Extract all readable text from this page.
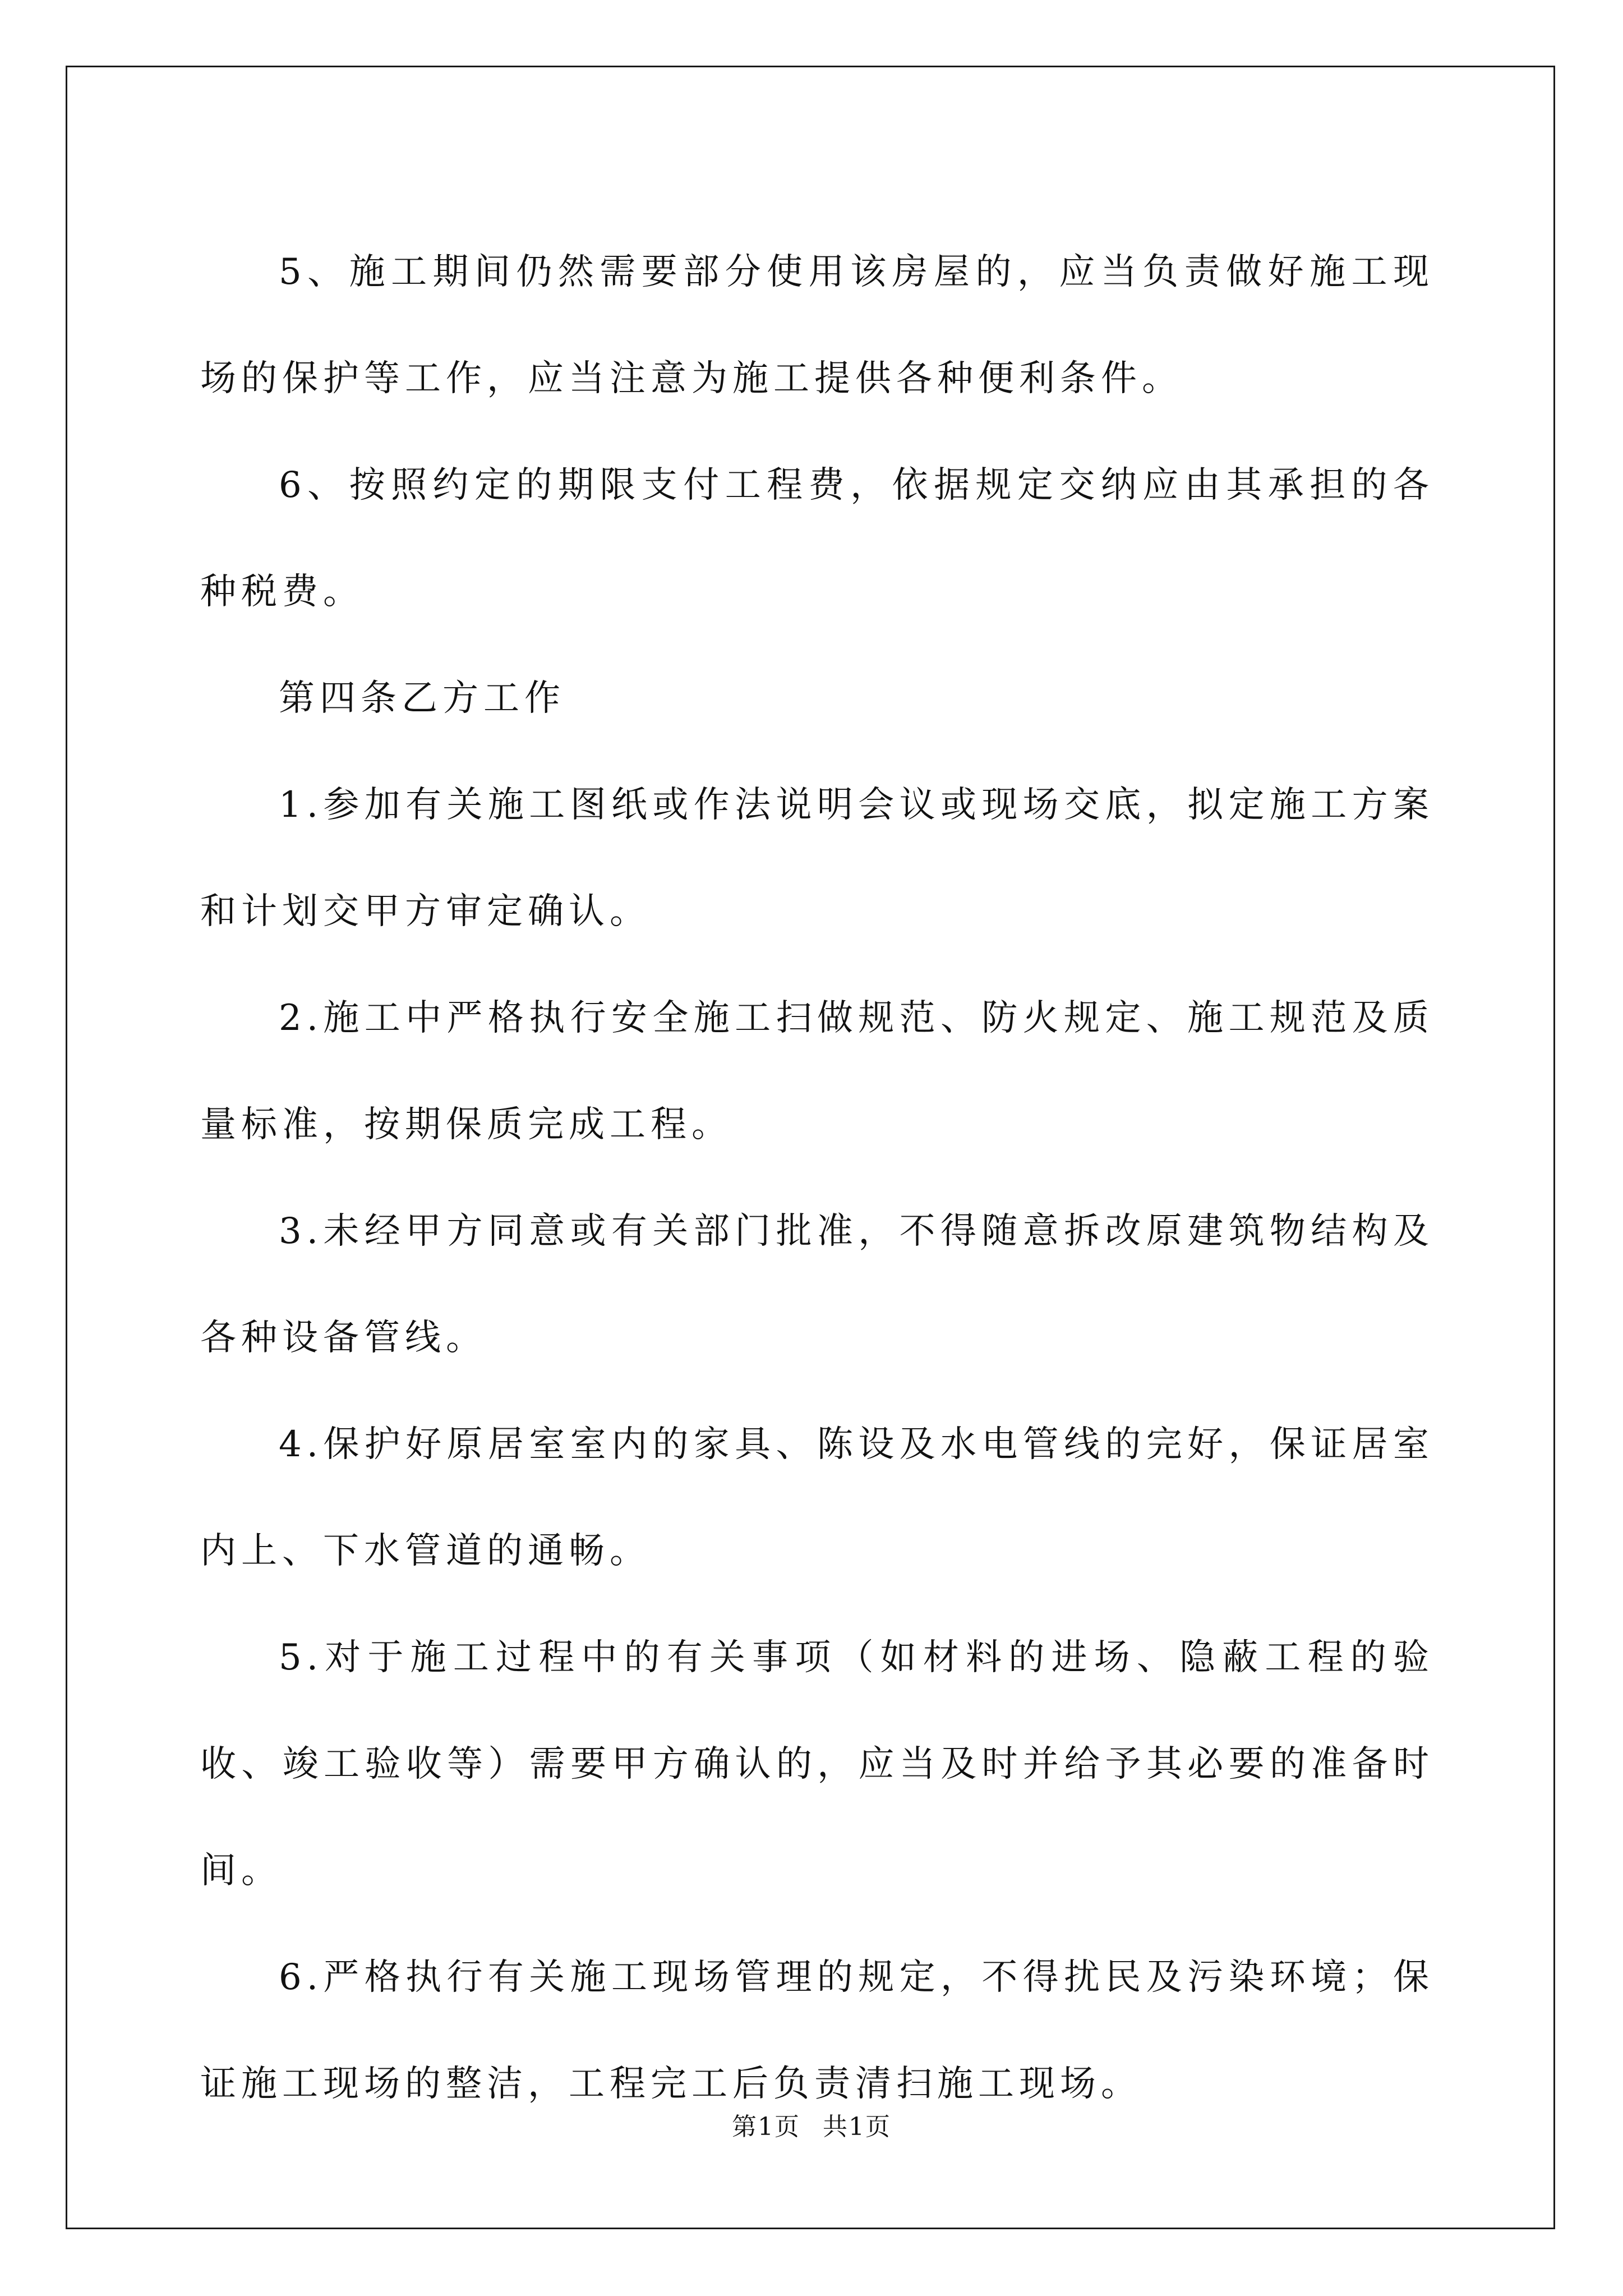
5、施工期间仍然需要部分使用该房屋的，应当负责做好施工现场的保护等工作，应当注意为施工提供各种便利条件。

6、按照约定的期限支付工程费，依据规定交纳应由其承担的各种税费。

第四条乙方工作

1.参加有关施工图纸或作法说明会议或现场交底，拟定施工方案和计划交甲方审定确认。

2.施工中严格执行安全施工扫做规范、防火规定、施工规范及质量标准，按期保质完成工程。

3.未经甲方同意或有关部门批准，不得随意拆改原建筑物结构及各种设备管线。

4.保护好原居室室内的家具、陈设及水电管线的完好，保证居室内上、下水管道的通畅。

5.对于施工过程中的有关事项（如材料的进场、隐蔽工程的验收、竣工验收等）需要甲方确认的，应当及时并给予其必要的准备时间。

6.严格执行有关施工现场管理的规定，不得扰民及污染环境；保证施工现场的整洁，工程完工后负责清扫施工现场。

第1页 共1页
